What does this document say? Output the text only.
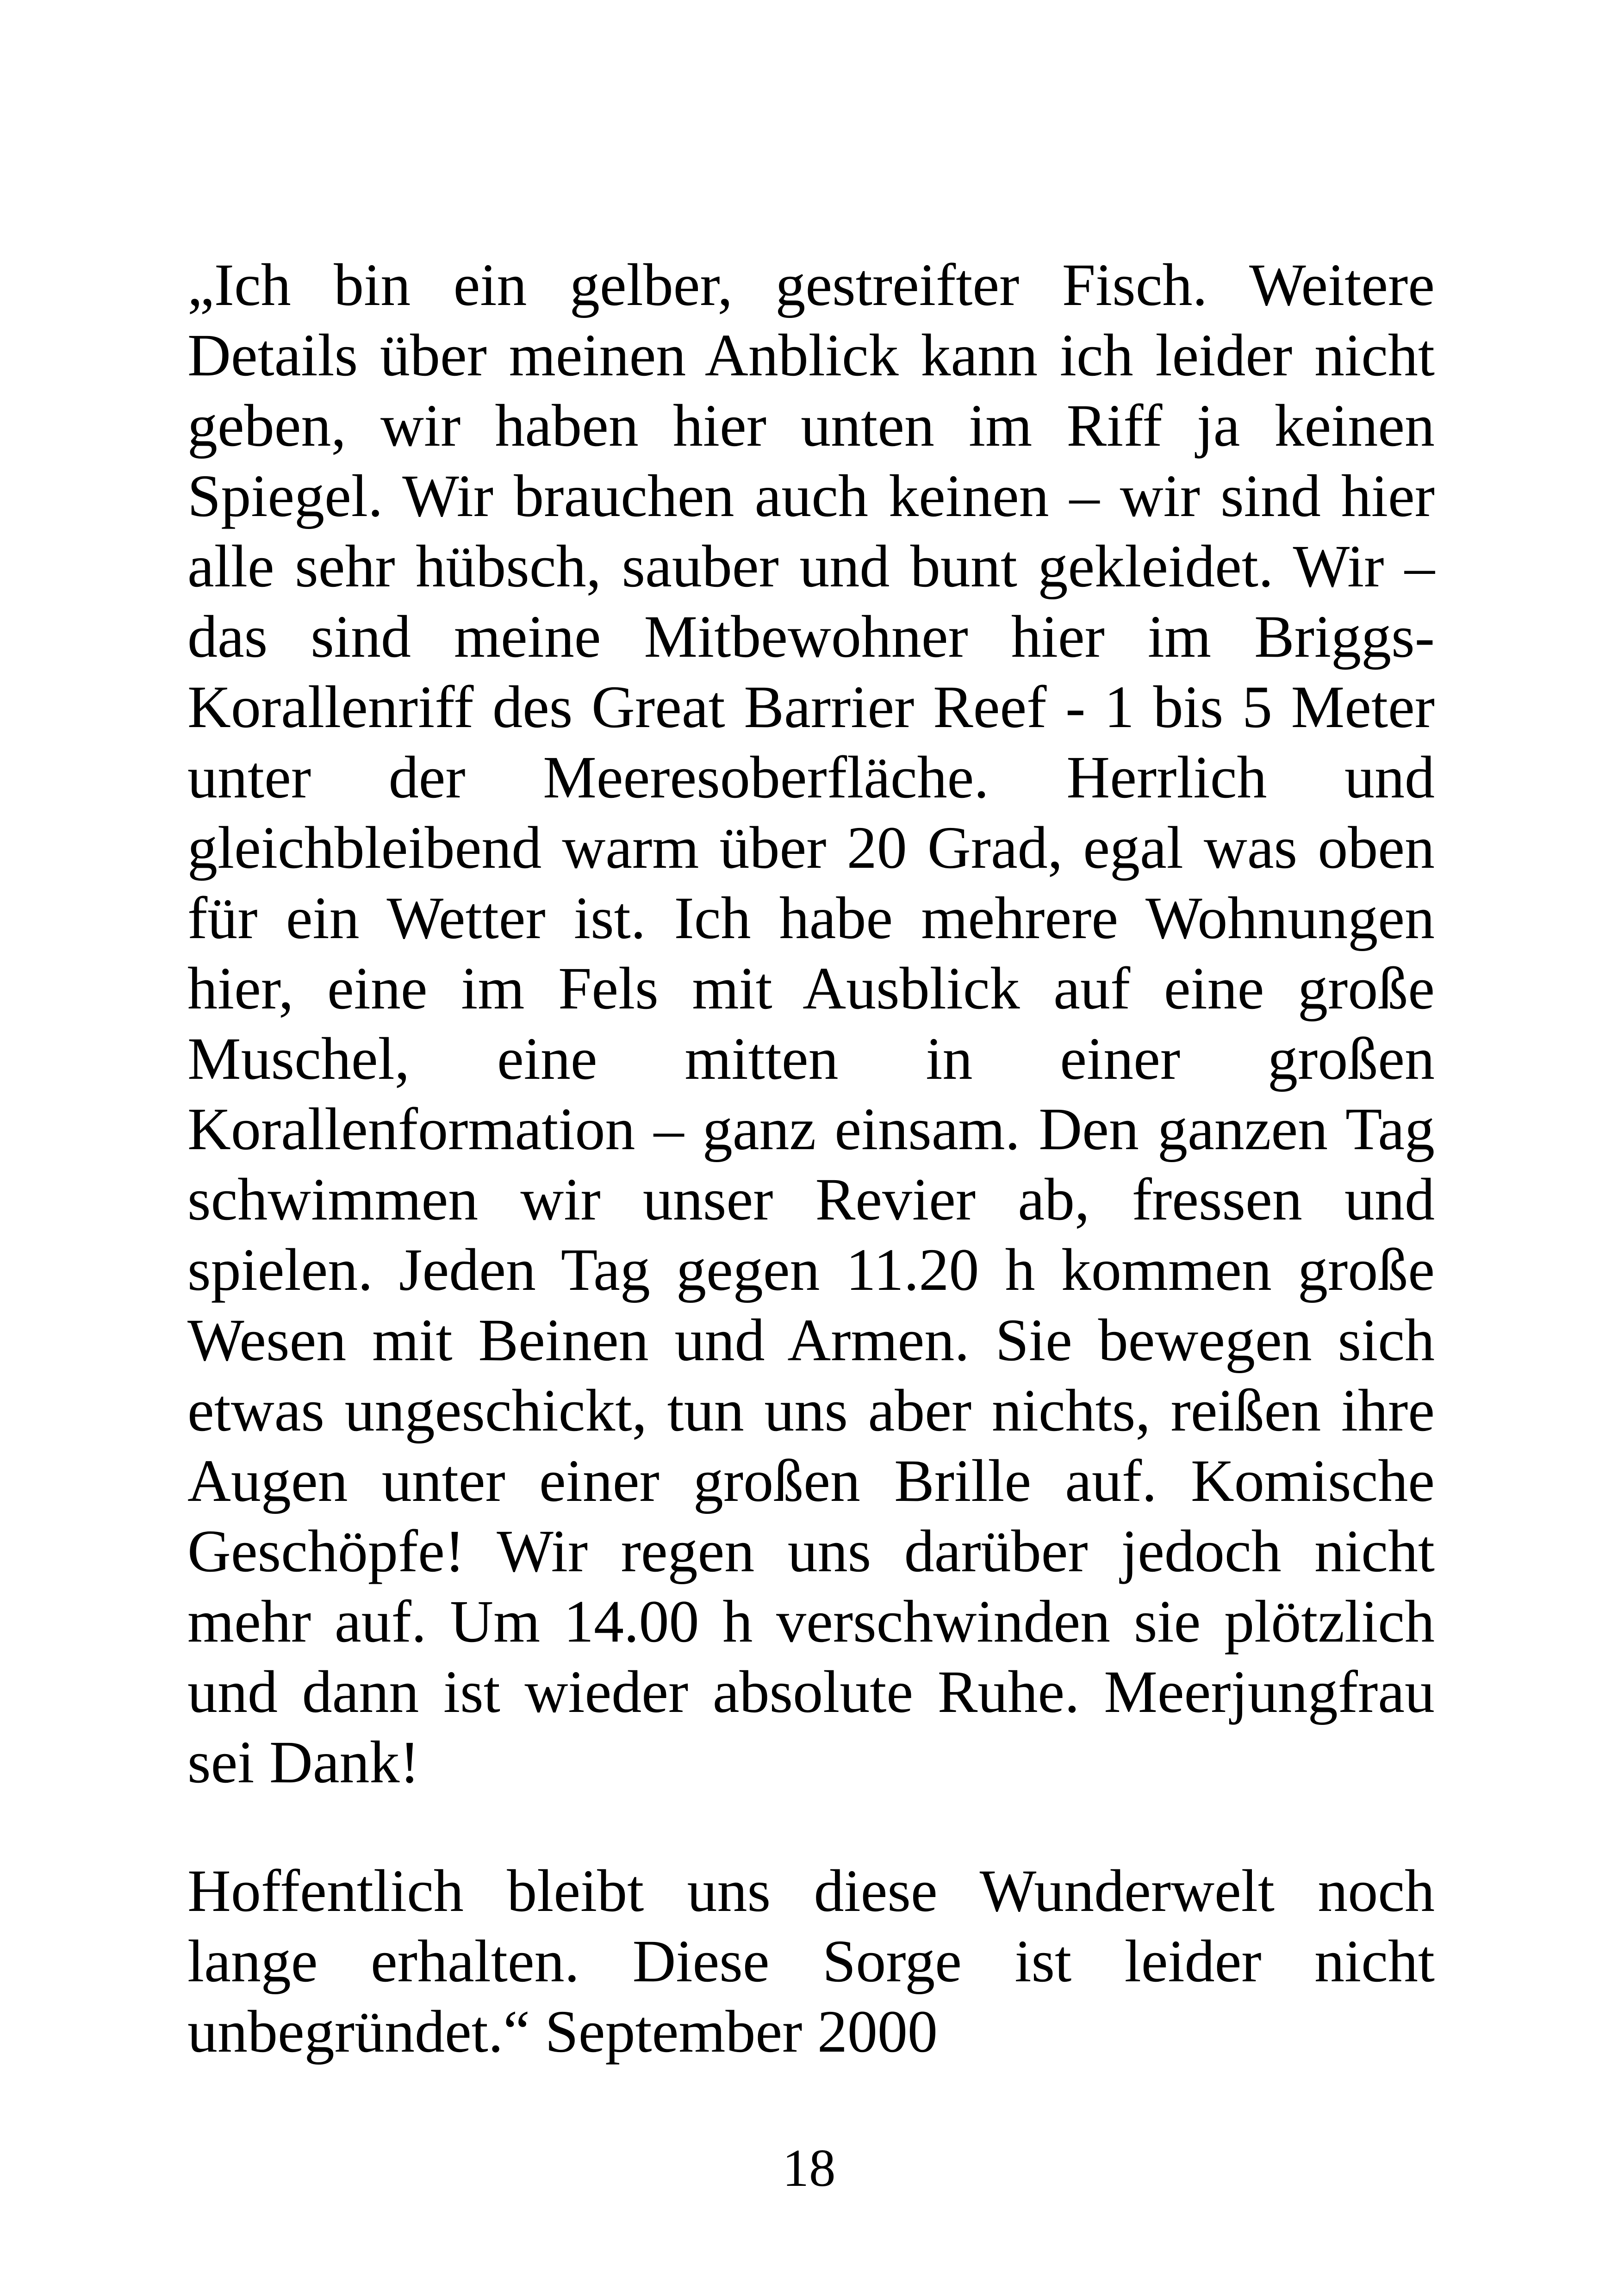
„Ich bin ein gelber, gestreifter Fisch. Weitere Details über meinen Anblick kann ich leider nicht geben, wir haben hier unten im Riff ja keinen Spiegel. Wir brauchen auch keinen – wir sind hier alle sehr hübsch, sauber und bunt gekleidet. Wir – das sind meine Mitbewohner hier im Briggs-Korallenriff des Great Barrier Reef - 1 bis 5 Meter unter der Meeresoberfläche. Herrlich und gleichbleibend warm über 20 Grad, egal was oben für ein Wetter ist. Ich habe mehrere Wohnungen hier, eine im Fels mit Ausblick auf eine große Muschel, eine mitten in einer großen Korallenformation – ganz einsam. Den ganzen Tag schwimmen wir unser Revier ab, fressen und spielen. Jeden Tag gegen 11.20 h kommen große Wesen mit Beinen und Armen. Sie bewegen sich etwas ungeschickt, tun uns aber nichts, reißen ihre Augen unter einer großen Brille auf. Komische Geschöpfe! Wir regen uns darüber jedoch nicht mehr auf. Um 14.00 h verschwinden sie plötzlich und dann ist wieder absolute Ruhe. Meerjungfrau sei Dank!

Hoffentlich bleibt uns diese Wunderwelt noch lange erhalten. Diese Sorge ist leider nicht unbegründet.“ September 2000

18
